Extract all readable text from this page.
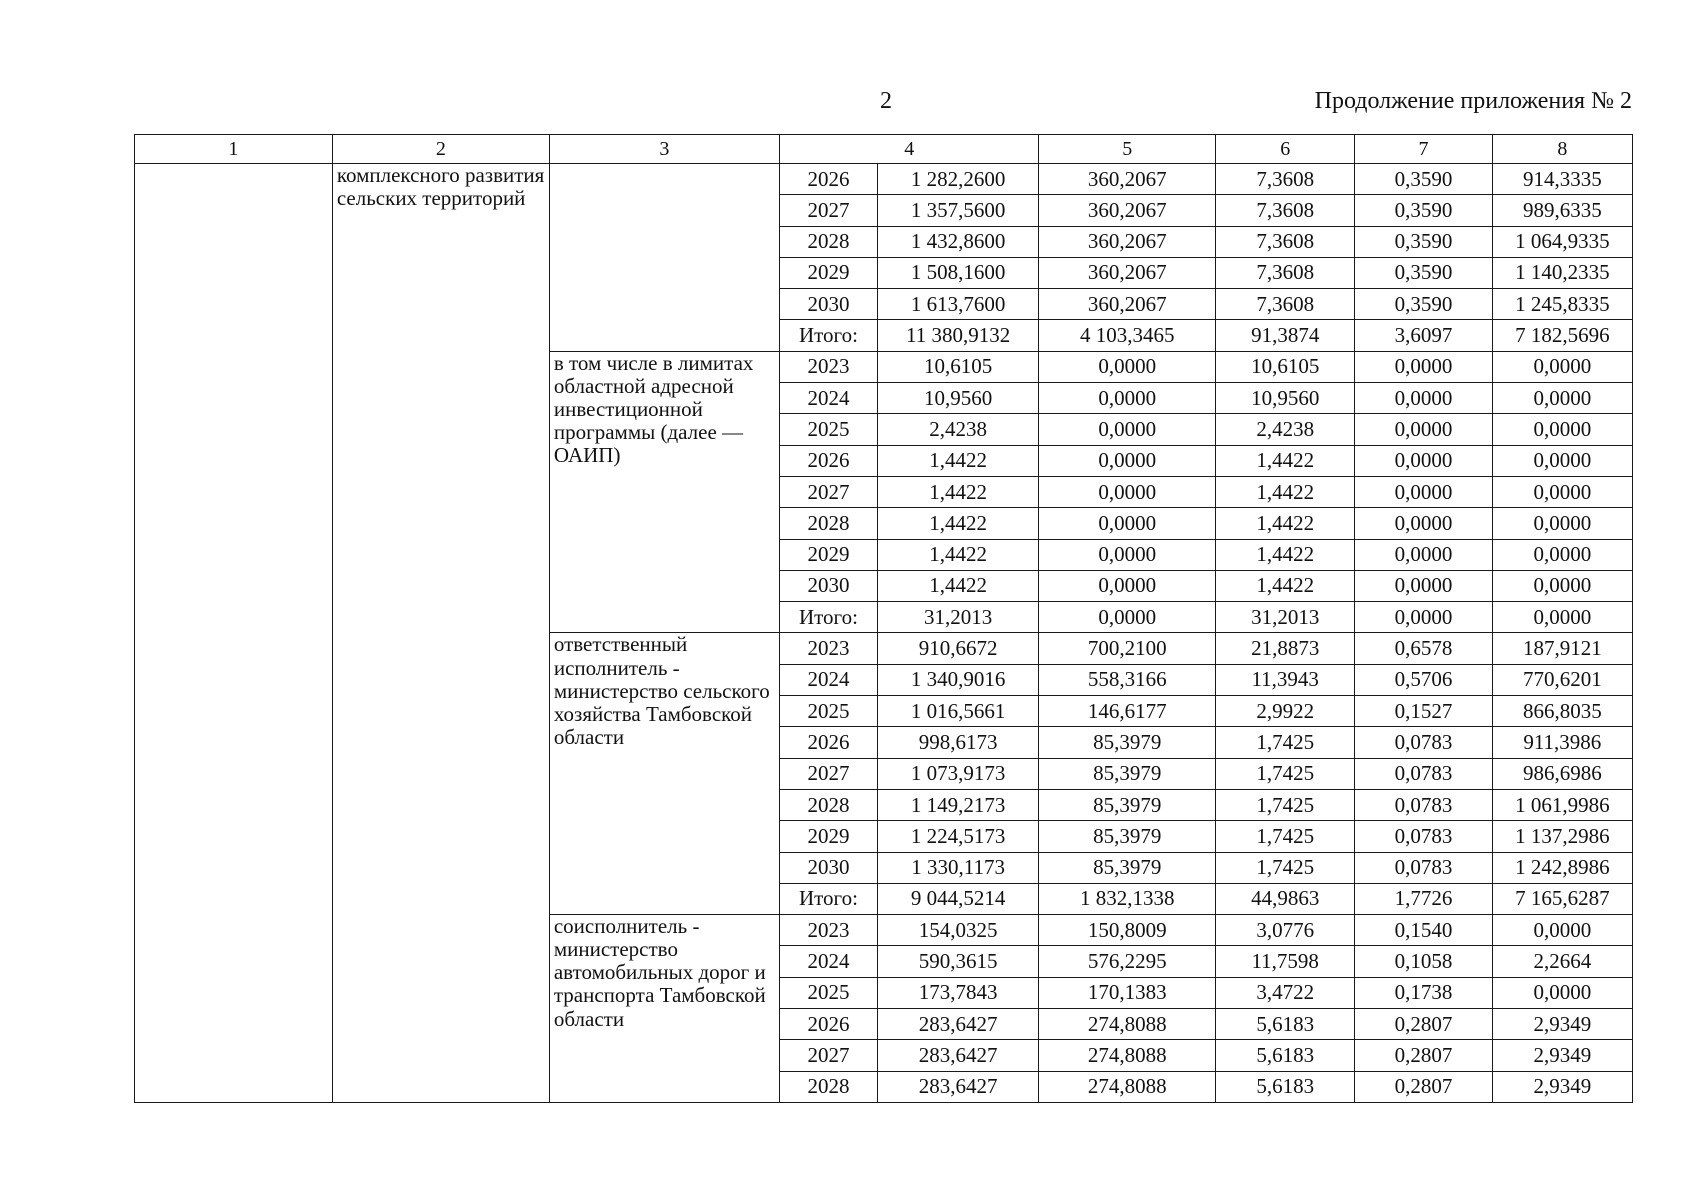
2	Продолжение приложения № 2
1	2	3	4		5	6	7	8
	комплексного развития сельских территорий		2026	1 282,2600	360,2067	7,3608	0,3590	914,3335
			2027	1 357,5600	360,2067	7,3608	0,3590	989,6335
			2028	1 432,8600	360,2067	7,3608	0,3590	1 064,9335
			2029	1 508,1600	360,2067	7,3608	0,3590	1 140,2335
			2030	1 613,7600	360,2067	7,3608	0,3590	1 245,8335
			Итого:	11 380,9132	4 103,3465	91,3874	3,6097	7 182,5696
		в том числе в лимитах областной адресной инвестиционной программы (далее — ОАИП)	2023	10,6105	0,0000	10,6105	0,0000	0,0000
			2024	10,9560	0,0000	10,9560	0,0000	0,0000
			2025	2,4238	0,0000	2,4238	0,0000	0,0000
			2026	1,4422	0,0000	1,4422	0,0000	0,0000
			2027	1,4422	0,0000	1,4422	0,0000	0,0000
			2028	1,4422	0,0000	1,4422	0,0000	0,0000
			2029	1,4422	0,0000	1,4422	0,0000	0,0000
			2030	1,4422	0,0000	1,4422	0,0000	0,0000
			Итого:	31,2013	0,0000	31,2013	0,0000	0,0000
		ответственный исполнитель - министерство сельского хозяйства Тамбовской области	2023	910,6672	700,2100	21,8873	0,6578	187,9121
			2024	1 340,9016	558,3166	11,3943	0,5706	770,6201
			2025	1 016,5661	146,6177	2,9922	0,1527	866,8035
			2026	998,6173	85,3979	1,7425	0,0783	911,3986
			2027	1 073,9173	85,3979	1,7425	0,0783	986,6986
			2028	1 149,2173	85,3979	1,7425	0,0783	1 061,9986
			2029	1 224,5173	85,3979	1,7425	0,0783	1 137,2986
			2030	1 330,1173	85,3979	1,7425	0,0783	1 242,8986
			Итого:	9 044,5214	1 832,1338	44,9863	1,7726	7 165,6287
		соисполнитель - министерство автомобильных дорог и транспорта Тамбовской области	2023	154,0325	150,8009	3,0776	0,1540	0,0000
			2024	590,3615	576,2295	11,7598	0,1058	2,2664
			2025	173,7843	170,1383	3,4722	0,1738	0,0000
			2026	283,6427	274,8088	5,6183	0,2807	2,9349
			2027	283,6427	274,8088	5,6183	0,2807	2,9349
			2028	283,6427	274,8088	5,6183	0,2807	2,9349
